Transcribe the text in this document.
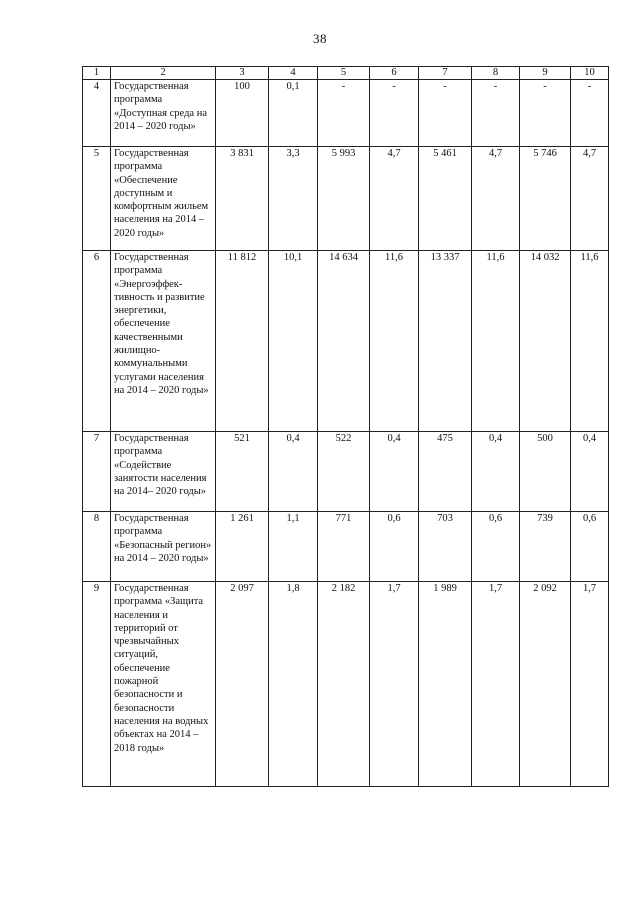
38
1	2	3	4	5	6	7	8	9	10
4	Государственная программа «Доступная среда на 2014 – 2020 годы»	100	0,1	-	-	-	-	-	-
5	Государственная программа «Обеспечение доступным и комфортным жильем населения на 2014 – 2020 годы»	3 831	3,3	5 993	4,7	5 461	4,7	5 746	4,7
6	Государственная программа «Энергоэффек-тивность и развитие энергетики, обеспечение качественными жилищно-коммунальными услугами населения на 2014 – 2020 годы»	11 812	10,1	14 634	11,6	13 337	11,6	14 032	11,6
7	Государственная программа «Содействие занятости населения на 2014– 2020 годы»	521	0,4	522	0,4	475	0,4	500	0,4
8	Государственная программа «Безопасный регион» на 2014 – 2020 годы»	1 261	1,1	771	0,6	703	0,6	739	0,6
9	Государственная программа «Защита населения и территорий от чрезвычайных ситуаций, обеспечение пожарной безопасности и безопасности населения на водных объектах на 2014 – 2018 годы»	2 097	1,8	2 182	1,7	1 989	1,7	2 092	1,7
